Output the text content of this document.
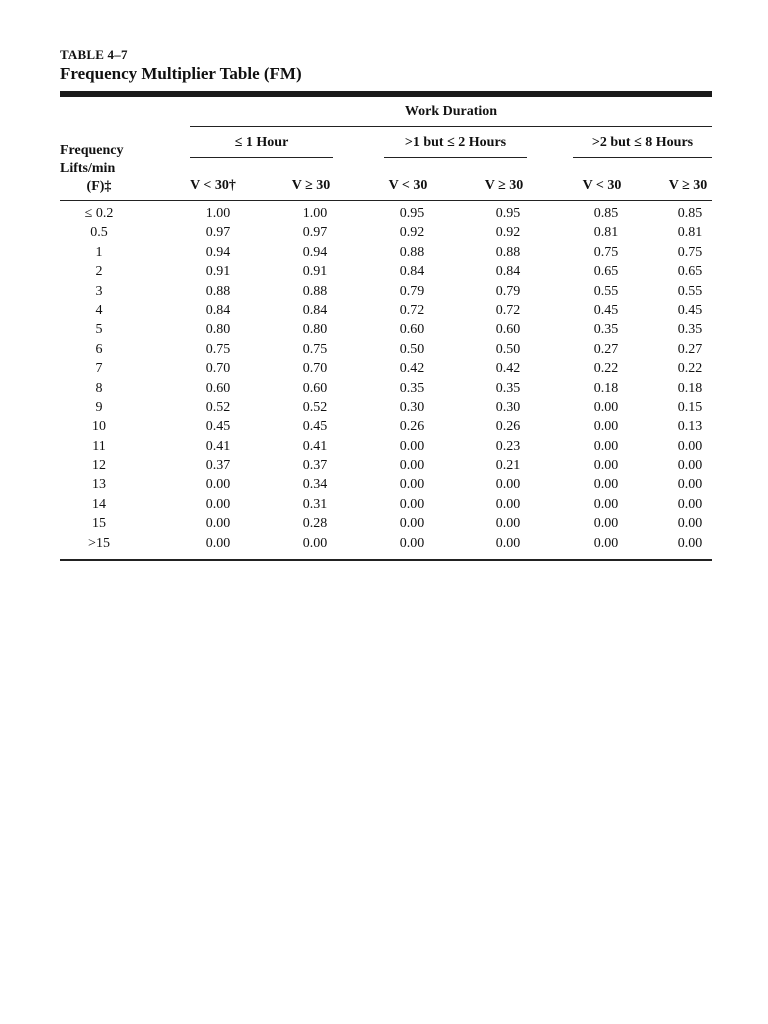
TABLE 4–7
Frequency Multiplier Table (FM)
Work Duration
≤ 1 Hour	>1 but ≤ 2 Hours	>2 but ≤ 8 Hours
Frequency
Lifts/min

(F)‡	V < 30†	V ≥ 30	V < 30	V ≥ 30	V < 30	V ≥ 30
≤ 0.2	1.00	1.00	0.95	0.95	0.85	0.85
0.5	0.97	0.97	0.92	0.92	0.81	0.81
1	0.94	0.94	0.88	0.88	0.75	0.75
2	0.91	0.91	0.84	0.84	0.65	0.65
3	0.88	0.88	0.79	0.79	0.55	0.55
4	0.84	0.84	0.72	0.72	0.45	0.45
5	0.80	0.80	0.60	0.60	0.35	0.35
6	0.75	0.75	0.50	0.50	0.27	0.27
7	0.70	0.70	0.42	0.42	0.22	0.22
8	0.60	0.60	0.35	0.35	0.18	0.18
9	0.52	0.52	0.30	0.30	0.00	0.15
10	0.45	0.45	0.26	0.26	0.00	0.13
11	0.41	0.41	0.00	0.23	0.00	0.00
12	0.37	0.37	0.00	0.21	0.00	0.00
13	0.00	0.34	0.00	0.00	0.00	0.00
14	0.00	0.31	0.00	0.00	0.00	0.00
15	0.00	0.28	0.00	0.00	0.00	0.00
>15	0.00	0.00	0.00	0.00	0.00	0.00
